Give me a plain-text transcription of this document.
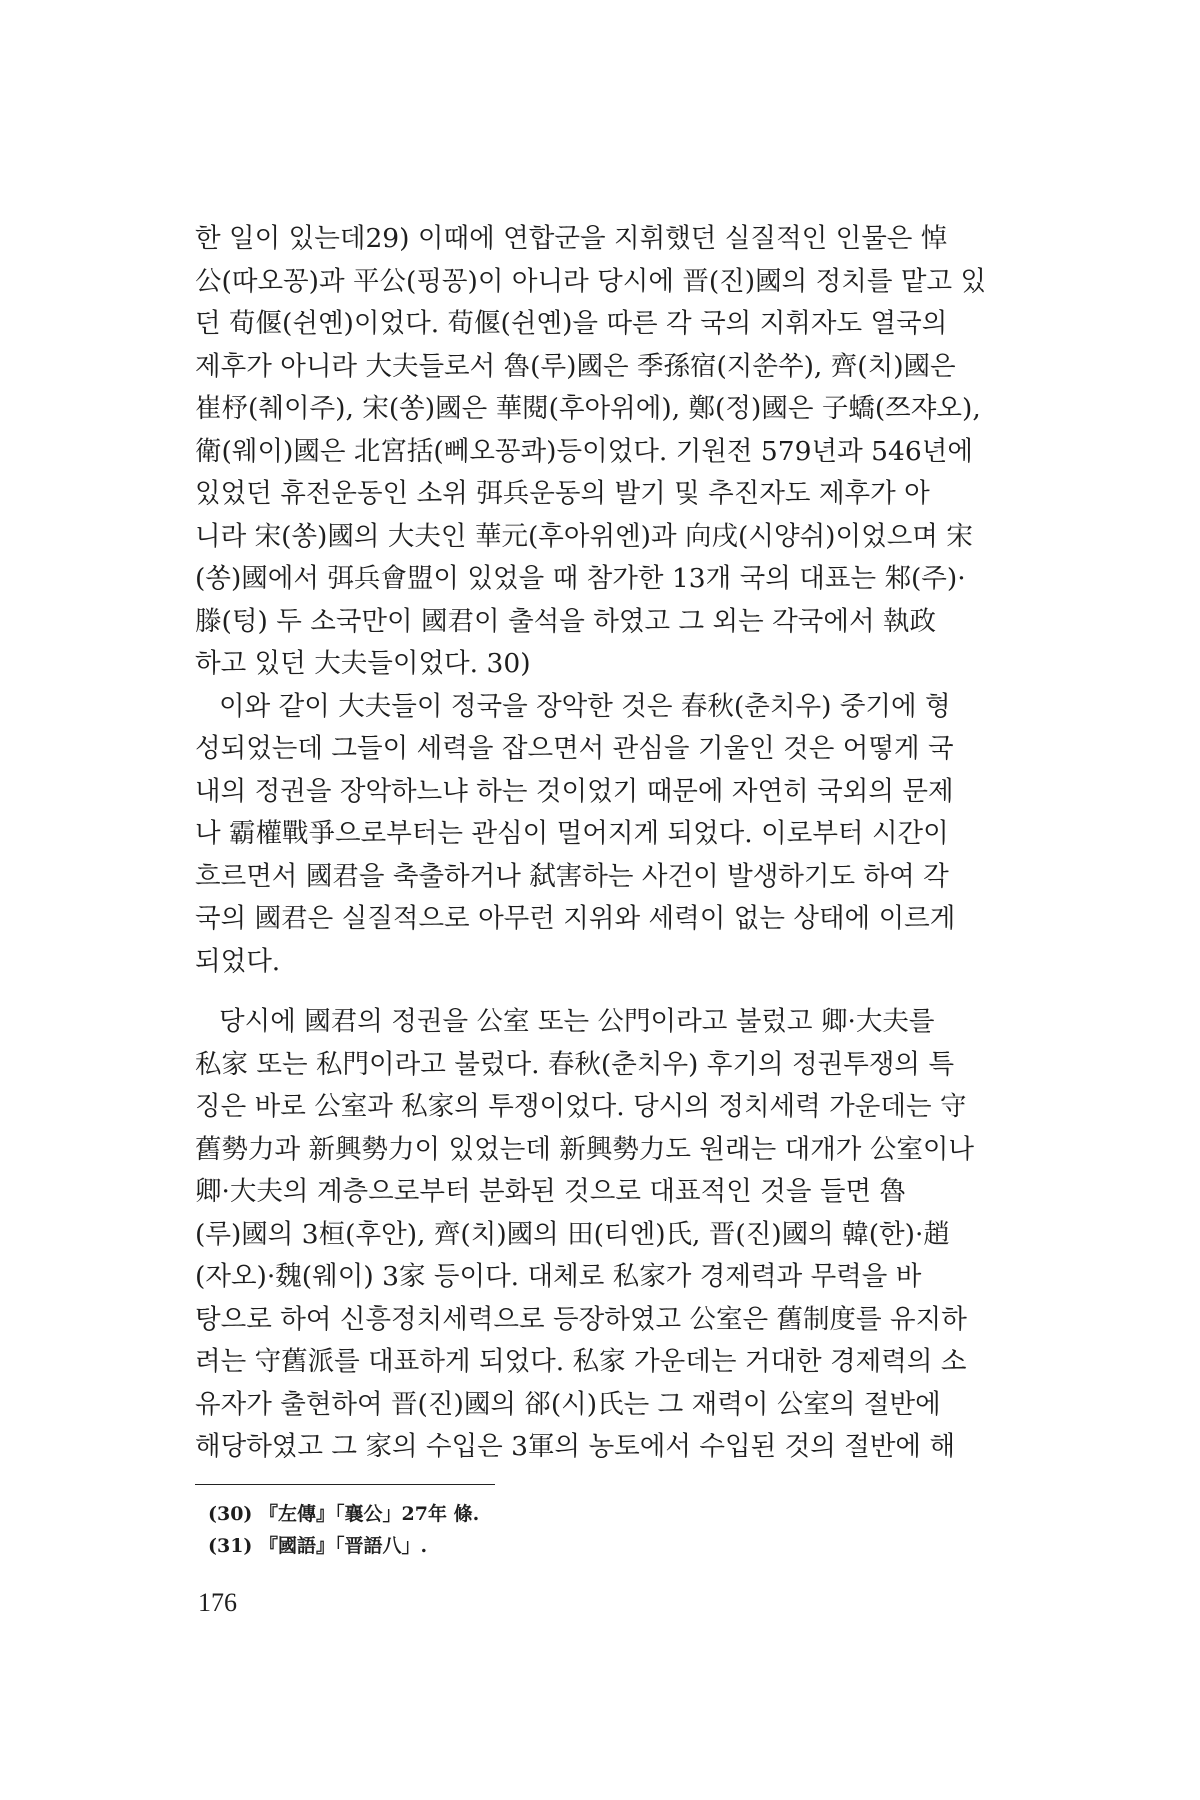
한 일이 있는데29) 이때에 연합군을 지휘했던 실질적인 인물은 悼
公(따오꽁)과 平公(핑꽁)이 아니라 당시에 晋(진)國의 정치를 맡고 있
던 荀偃(쉰옌)이었다. 荀偃(쉰옌)을 따른 각 국의 지휘자도 열국의
제후가 아니라 大夫들로서 魯(루)國은 季孫宿(지쑨쑤), 齊(치)國은
崔杼(췌이주), 宋(쏭)國은 華閱(후아위에), 鄭(정)國은 子蟜(쯔쟈오),
衛(웨이)國은 北宮括(뻬오꽁콰)등이었다. 기원전 579년과 546년에
있었던 휴전운동인 소위 弭兵운동의 발기 및 추진자도 제후가 아
니라 宋(쏭)國의 大夫인 華元(후아위엔)과 向戌(시양쉬)이었으며 宋
(쏭)國에서 弭兵會盟이 있었을 때 참가한 13개 국의 대표는 邾(주)·
滕(텅) 두 소국만이 國君이 출석을 하였고 그 외는 각국에서 執政
하고 있던 大夫들이었다. 30)
이와 같이 大夫들이 정국을 장악한 것은 春秋(춘치우) 중기에 형
성되었는데 그들이 세력을 잡으면서 관심을 기울인 것은 어떻게 국
내의 정권을 장악하느냐 하는 것이었기 때문에 자연히 국외의 문제
나 霸權戰爭으로부터는 관심이 멀어지게 되었다. 이로부터 시간이
흐르면서 國君을 축출하거나 弑害하는 사건이 발생하기도 하여 각
국의 國君은 실질적으로 아무런 지위와 세력이 없는 상태에 이르게
되었다.
당시에 國君의 정권을 公室 또는 公門이라고 불렀고 卿·大夫를
私家 또는 私門이라고 불렀다. 春秋(춘치우) 후기의 정권투쟁의 특
징은 바로 公室과 私家의 투쟁이었다. 당시의 정치세력 가운데는 守
舊勢力과 新興勢力이 있었는데 新興勢力도 원래는 대개가 公室이나
卿·大夫의 계층으로부터 분화된 것으로 대표적인 것을 들면 魯
(루)國의 3桓(후안), 齊(치)國의 田(티엔)氏, 晋(진)國의 韓(한)·趙
(자오)·魏(웨이) 3家 등이다. 대체로 私家가 경제력과 무력을 바
탕으로 하여 신흥정치세력으로 등장하였고 公室은 舊制度를 유지하
려는 守舊派를 대표하게 되었다. 私家 가운데는 거대한 경제력의 소
유자가 출현하여 晋(진)國의 郤(시)氏는 그 재력이 公室의 절반에
해당하였고 그 家의 수입은 3軍의 농토에서 수입된 것의 절반에 해
(30) 『左傳』「襄公」27年 條.
(31) 『國語』「晋語八」.
176
